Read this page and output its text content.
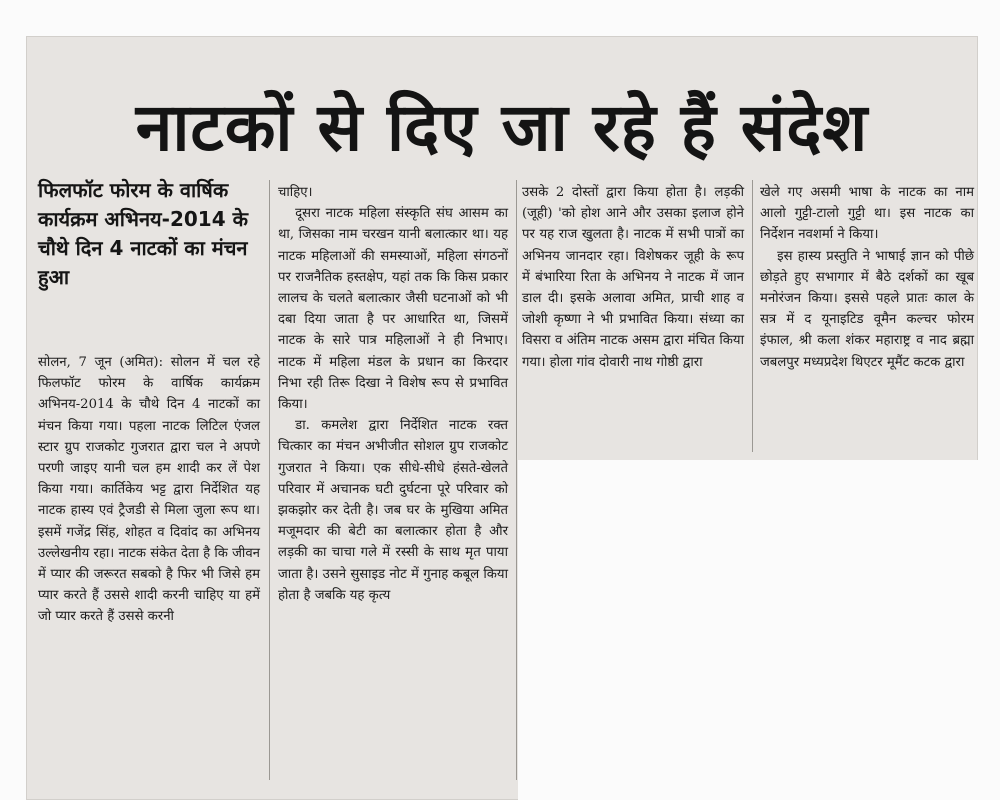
नाटकों से दिए जा रहे हैं संदेश
फिलफॉट फोरम के वार्षिक कार्यक्रम अभिनय-2014 के चौथे दिन 4 नाटकों का मंचन हुआ

सोलन, 7 जून (अमित): सोलन में चल रहे फिलफॉट फोरम के वार्षिक कार्यक्रम अभिनय-2014 के चौथे दिन 4 नाटकों का मंचन किया गया। पहला नाटक लिटिल एंजल स्टार ग्रुप राजकोट गुजरात द्वारा चल ने अपणे परणी जाइए यानी चल हम शादी कर लें पेश किया गया। कार्तिकेय भट्ट द्वारा निर्देशित यह नाटक हास्य एवं ट्रैजडी से मिला जुला रूप था। इसमें गजेंद्र सिंह, शोहत व दिवांद का अभिनय उल्लेखनीय रहा। नाटक संकेत देता है कि जीवन में प्यार की जरूरत सबको है फिर भी जिसे हम प्यार करते हैं उससे शादी करनी चाहिए या हमें जो प्यार करते हैं उससे करनी

चाहिए।

दूसरा नाटक महिला संस्कृति संघ आसम का था, जिसका नाम चरखन यानी बलात्कार था। यह नाटक महिलाओं की समस्याओं, महिला संगठनों पर राजनैतिक हस्तक्षेप, यहां तक कि किस प्रकार लालच के चलते बलात्कार जैसी घटनाओं को भी दबा दिया जाता है पर आधारित था, जिसमें नाटक के सारे पात्र महिलाओं ने ही निभाए। नाटक में महिला मंडल के प्रधान का किरदार निभा रही तिरू दिखा ने विशेष रूप से प्रभावित किया।

डा. कमलेश द्वारा निर्देशित नाटक रक्त चित्कार का मंचन अभीजीत सोशल ग्रुप राजकोट गुजरात ने किया। एक सीधे-सीधे हंसते-खेलते परिवार में अचानक घटी दुर्घटना पूरे परिवार को झकझोर कर देती है। जब घर के मुखिया अमित मजूमदार की बेटी का बलात्कार होता है और लड़की का चाचा गले में रस्सी के साथ मृत पाया जाता है। उसने सुसाइड नोट में गुनाह कबूल किया होता है जबकि यह कृत्य

उसके 2 दोस्तों द्वारा किया होता है। लड़की (जूही) 'को होश आने और उसका इलाज होने पर यह राज खुलता है। नाटक में सभी पात्रों का अभिनय जानदार रहा। विशेषकर जूही के रूप में बंभारिया रिता के अभिनय ने नाटक में जान डाल दी। इसके अलावा अमित, प्राची शाह व जोशी कृष्णा ने भी प्रभावित किया। संध्या का विसरा व अंतिम नाटक असम द्वारा मंचित किया गया। होला गांव दोवारी नाथ गोष्ठी द्वारा

खेले गए असमी भाषा के नाटक का नाम आलो गुट्टी-टालो गुट्टी था। इस नाटक का निर्देशन नवशर्मा ने किया।

इस हास्य प्रस्तुति ने भाषाई ज्ञान को पीछे छोड़ते हुए सभागार में बैठे दर्शकों का खूब मनोरंजन किया। इससे पहले प्रातः काल के सत्र में द यूनाइटिड वूमैन कल्चर फोरम इंफाल, श्री कला शंकर महाराष्ट्र व नाद ब्रह्मा जबलपुर मध्यप्रदेश थिएटर मूमैंट कटक द्वारा
